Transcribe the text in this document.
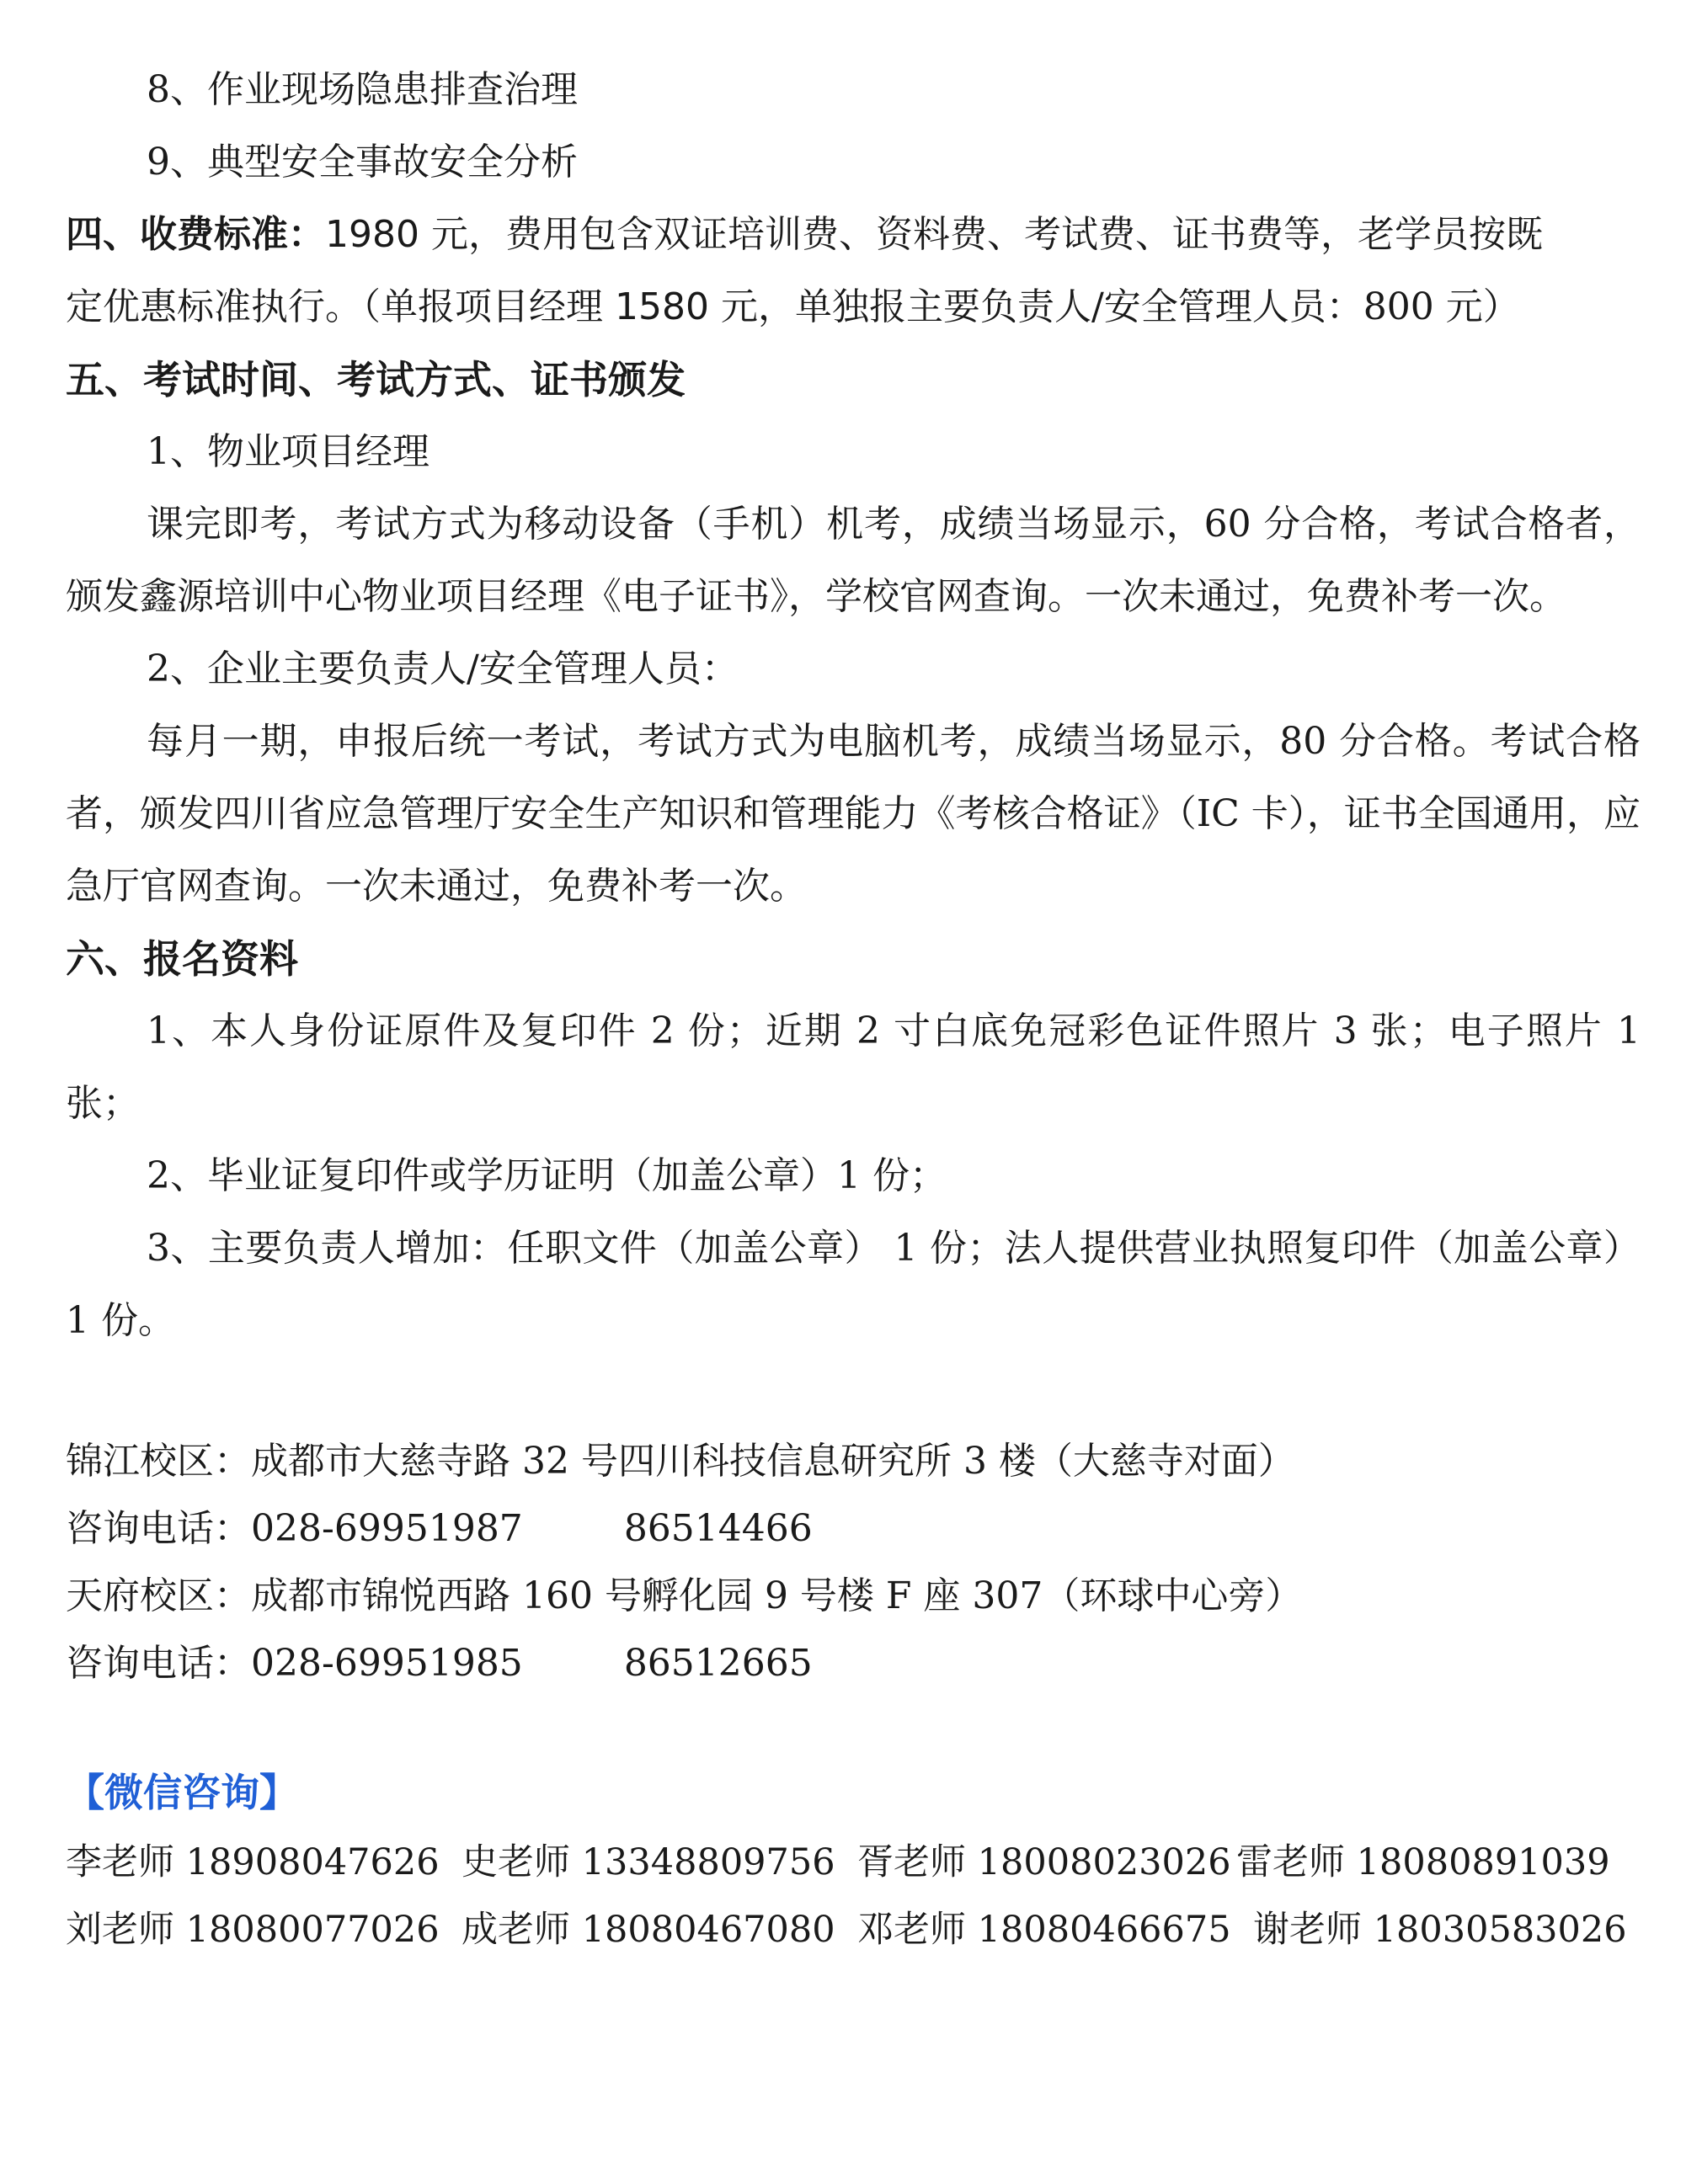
8、作业现场隐患排查治理
9、典型安全事故安全分析
四、收费标准：1980 元，费用包含双证培训费、资料费、考试费、证书费等，老学员按既
定优惠标准执行。（单报项目经理 1580 元，单独报主要负责人/安全管理人员：800 元）
五、考试时间、考试方式、证书颁发
1、物业项目经理
课完即考，考试方式为移动设备（手机）机考，成绩当场显示，60 分合格，考试合格者，颁发鑫源培训中心物业项目经理《电子证书》，学校官网查询。一次未通过，免费补考一次。
2、企业主要负责人/安全管理人员：
每月一期，申报后统一考试，考试方式为电脑机考，成绩当场显示，80 分合格。考试合格者，颁发四川省应急管理厅安全生产知识和管理能力《考核合格证》（IC 卡），证书全国通用，应急厅官网查询。一次未通过，免费补考一次。
六、报名资料
1、本人身份证原件及复印件 2 份；近期 2 寸白底免冠彩色证件照片 3 张；电子照片 1 张；
2、毕业证复印件或学历证明（加盖公章）1 份；
3、主要负责人增加：任职文件（加盖公章） 1 份；法人提供营业执照复印件（加盖公章）1 份。
锦江校区：成都市大慈寺路 32 号四川科技信息研究所 3 楼（大慈寺对面）
咨询电话：028-69951987	86514466
天府校区：成都市锦悦西路 160 号孵化园 9 号楼 F 座 307（环球中心旁）
咨询电话：028-69951985	86512665
【微信咨询】
李老师 18908047626 史老师 13348809756 胥老师 18008023026 雷老师 18080891039
刘老师 18080077026 成老师 18080467080 邓老师 18080466675 谢老师 18030583026
